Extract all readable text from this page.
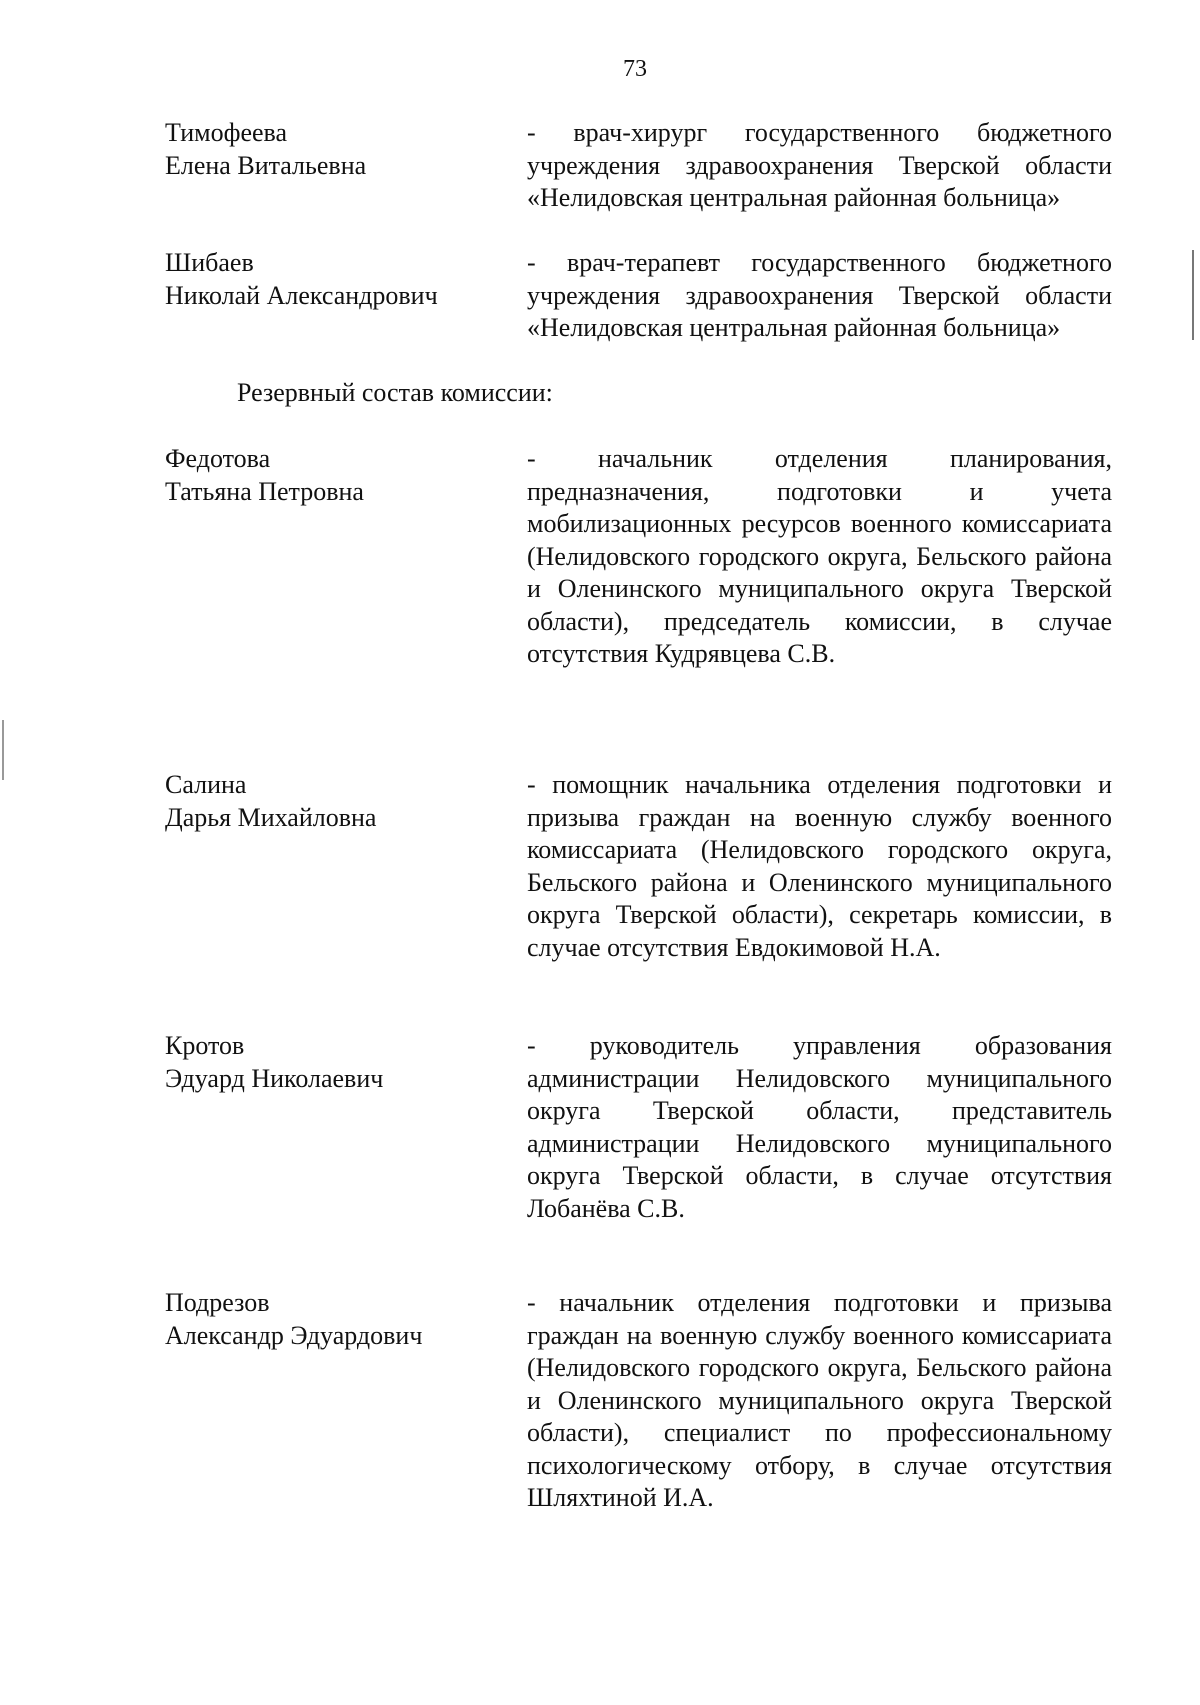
73
Тимофеева
Елена Витальевна
- врач-хирург государственного бюджетного учреждения здравоохранения Тверской области «Нелидовская центральная районная больница»
Шибаев
Николай Александрович
- врач-терапевт государственного бюджетного учреждения здравоохранения Тверской области «Нелидовская центральная районная больница»
Резервный состав комиссии:
Федотова
Татьяна Петровна
- начальник отделения планирования, предназначения, подготовки и учета мобилизационных ресурсов военного комиссариата (Нелидовского городского округа, Бельского района и Оленинского муниципального округа Тверской области), председатель комиссии, в случае отсутствия Кудрявцева С.В.
Салина
Дарья Михайловна
- помощник начальника отделения подготовки и призыва граждан на военную службу военного комиссариата (Нелидовского городского округа, Бельского района и Оленинского муниципального округа Тверской области), секретарь комиссии, в случае отсутствия Евдокимовой Н.А.
Кротов
Эдуард Николаевич
- руководитель управления образования администрации Нелидовского муниципального округа Тверской области, представитель администрации Нелидовского муниципального округа Тверской области, в случае отсутствия Лобанёва С.В.
Подрезов
Александр Эдуардович
- начальник отделения подготовки и призыва граждан на военную службу военного комиссариата (Нелидовского городского округа, Бельского района и Оленинского муниципального округа Тверской области), специалист по профессиональному психологическому отбору, в случае отсутствия Шляхтиной И.А.
